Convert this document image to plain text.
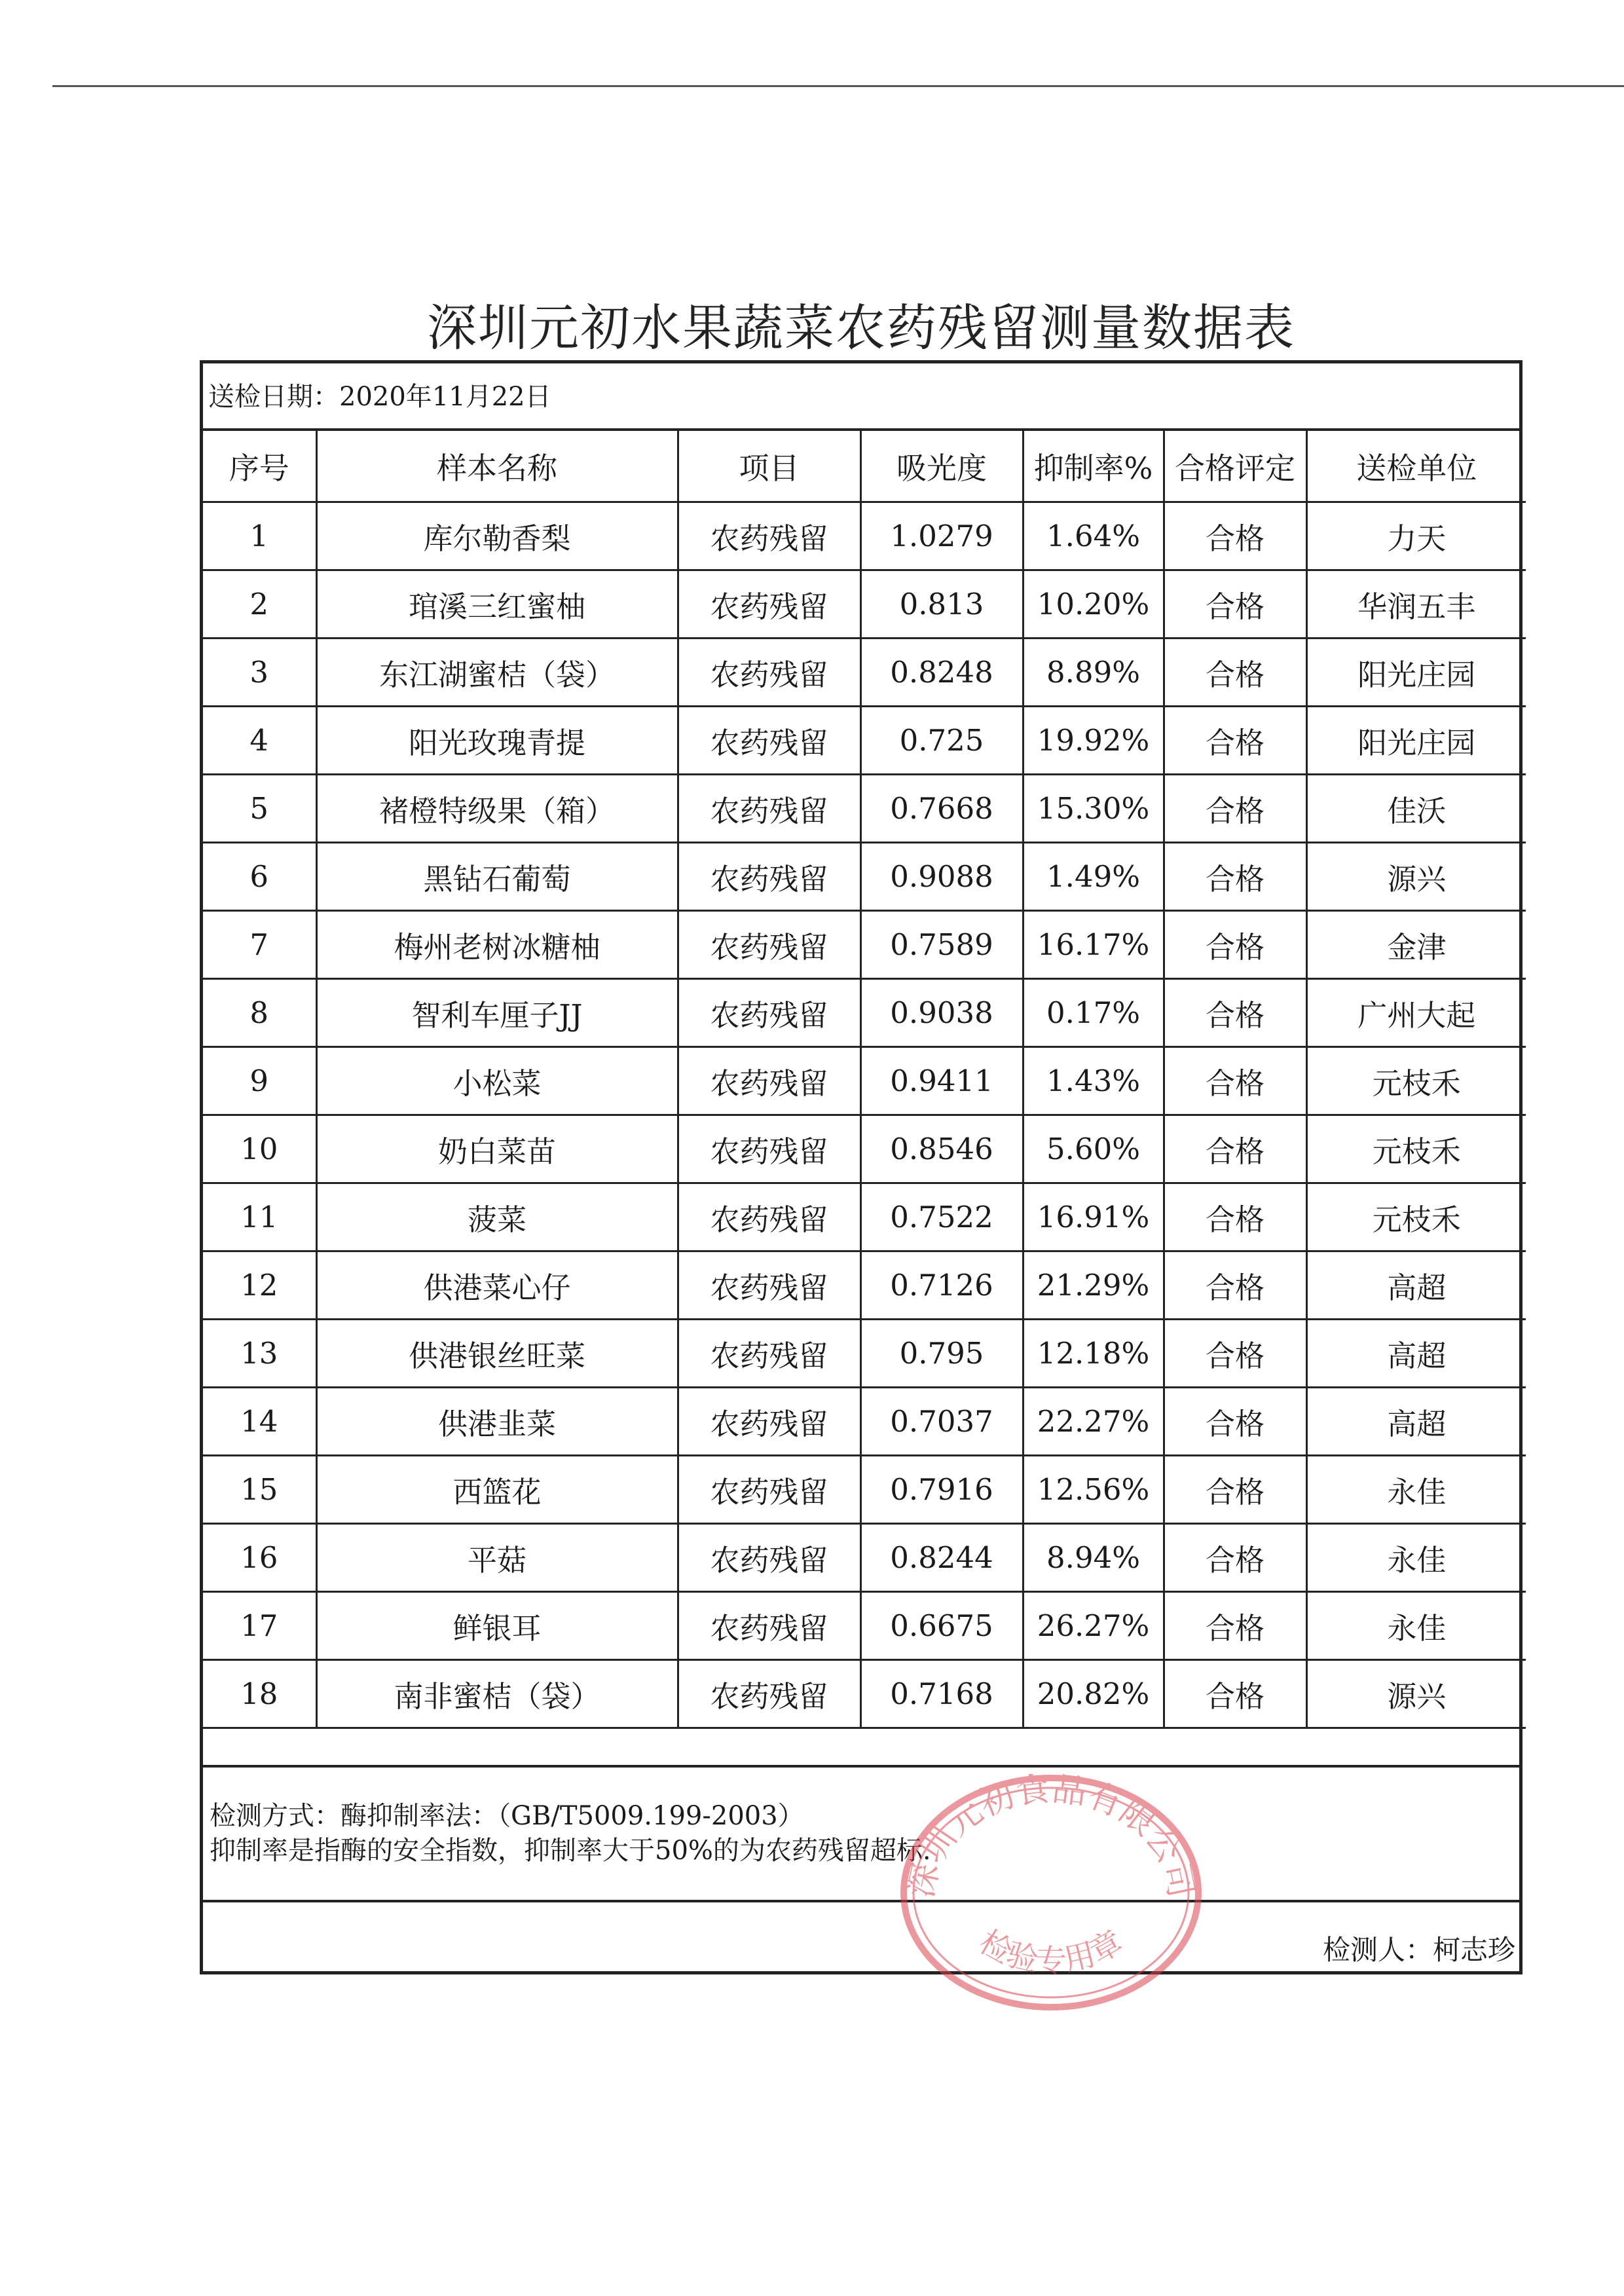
深圳元初水果蔬菜农药残留测量数据表
送检日期：2020年11月22日
序号	样本名称	项目	吸光度	抑制率%	合格评定	送检单位
1	库尔勒香梨	农药残留	1.0279	1.64%	合格	力天
2	琯溪三红蜜柚	农药残留	0.813	10.20%	合格	华润五丰
3	东江湖蜜桔（袋）	农药残留	0.8248	8.89%	合格	阳光庄园
4	阳光玫瑰青提	农药残留	0.725	19.92%	合格	阳光庄园
5	褚橙特级果（箱）	农药残留	0.7668	15.30%	合格	佳沃
6	黑钻石葡萄	农药残留	0.9088	1.49%	合格	源兴
7	梅州老树冰糖柚	农药残留	0.7589	16.17%	合格	金津
8	智利车厘子JJ	农药残留	0.9038	0.17%	合格	广州大起
9	小松菜	农药残留	0.9411	1.43%	合格	元枝禾
10	奶白菜苗	农药残留	0.8546	5.60%	合格	元枝禾
11	菠菜	农药残留	0.7522	16.91%	合格	元枝禾
12	供港菜心仔	农药残留	0.7126	21.29%	合格	高超
13	供港银丝旺菜	农药残留	0.795	12.18%	合格	高超
14	供港韭菜	农药残留	0.7037	22.27%	合格	高超
15	西篮花	农药残留	0.7916	12.56%	合格	永佳
16	平菇	农药残留	0.8244	8.94%	合格	永佳
17	鲜银耳	农药残留	0.6675	26.27%	合格	永佳
18	南非蜜桔（袋）	农药残留	0.7168	20.82%	合格	源兴
检测方式：酶抑制率法：（GB/T5009.199-2003）
抑制率是指酶的安全指数，抑制率大于50%的为农药残留超标.
检测人：柯志珍
深圳元初食品有限公司
检验专用章
